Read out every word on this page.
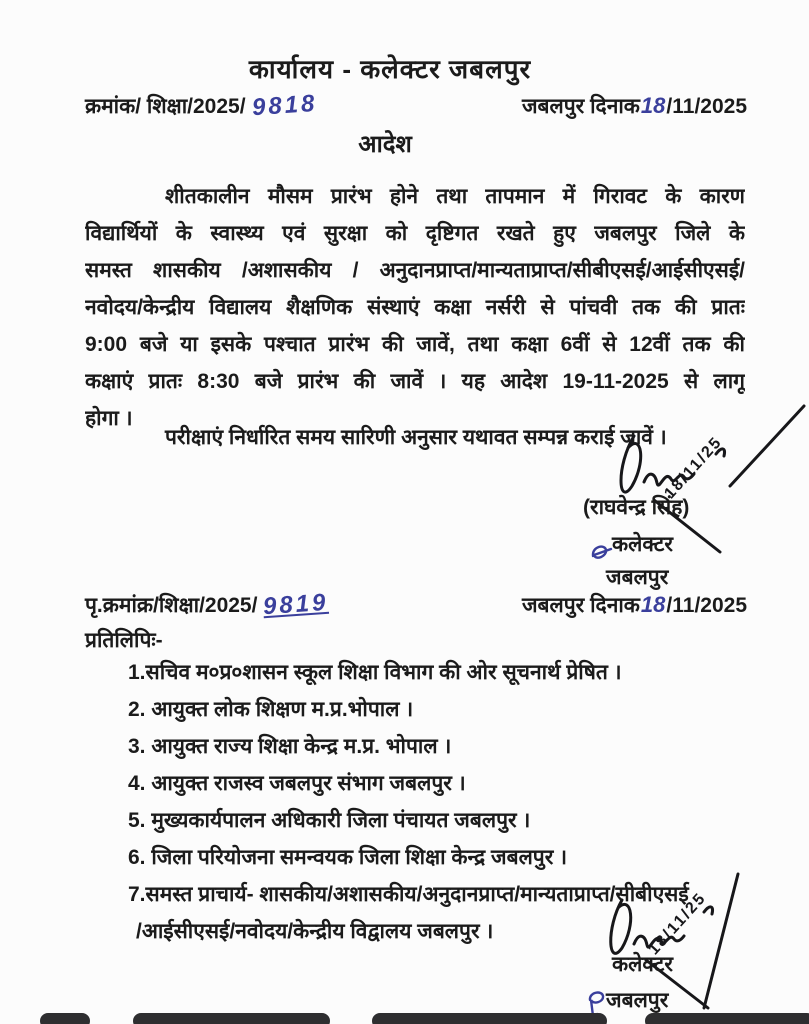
कार्यालय - कलेक्टर जबलपुर
क्रमांक/ शिक्षा/2025/ 9818	जबलपुर दिनाक18/11/2025
आदेश
शीतकालीन मौसम प्रारंभ होने तथा तापमान में गिरावट के कारण
विद्यार्थियों के स्वास्थ्य एवं सुरक्षा को दृष्टिगत रखते हुए जबलपुर जिले के
समस्त शासकीय /अशासकीय / अनुदानप्राप्त/मान्यताप्राप्त/सीबीएसई/आईसीएसई/
नवोदय/केन्द्रीय विद्यालय शैक्षणिक संस्थाएं कक्षा नर्सरी से पांचवी तक की प्रातः
9:00 बजे या इसके पश्चात प्रारंभ की जावें, तथा कक्षा 6वीं से 12वीं तक की
कक्षाएं प्रातः 8:30 बजे प्रारंभ की जावें । यह आदेश 19-11-2025 से लागू
होगा ।
परीक्षाएं निर्धारित समय सारिणी अनुसार यथावत सम्पन्न कराई जावें ।
18/11/25
(राघवेन्द्र सिंह)
कलेक्टर
जबलपुर
पृ.क्रमांक्र/शिक्षा/2025/ 9819	जबलपुर दिनाक18/11/2025
प्रतिलिपिः-
1.सचिव म०प्र०शासन स्कूल शिक्षा विभाग की ओर सूचनार्थ प्रेषित ।
2. आयुक्त लोक शिक्षण म.प्र.भोपाल ।
3. आयुक्त राज्य शिक्षा केन्द्र म.प्र. भोपाल ।
4. आयुक्त राजस्व जबलपुर संभाग जबलपुर ।
5. मुख्यकार्यपालन अधिकारी जिला पंचायत जबलपुर ।
6. जिला परियोजना समन्वयक जिला शिक्षा केन्द्र जबलपुर ।
7.समस्त प्राचार्य- शासकीय/अशासकीय/अनुदानप्राप्त/मान्यताप्राप्त/सीबीएसई
/आईसीएसई/नवोदय/केन्द्रीय विद्वालय जबलपुर ।	18/11/25
कलेक्टर
जबलपुर
